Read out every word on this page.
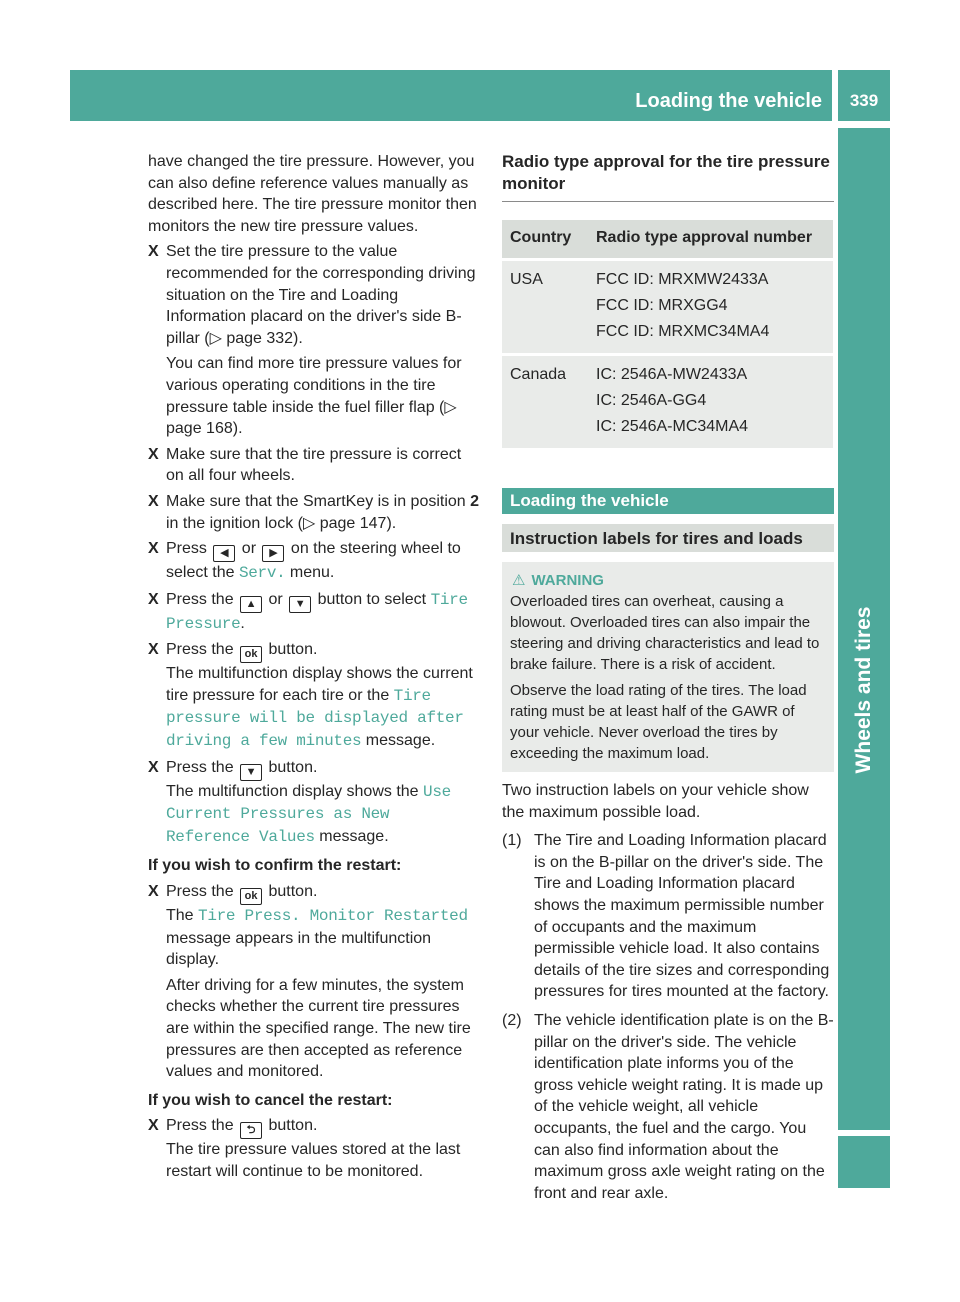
Loading the vehicle	339
Wheels and tires

have changed the tire pressure. However, you can also define reference values manually as described here. The tire pressure monitor then monitors the new tire pressure values.

X Set the tire pressure to the value recommended for the corresponding driving situation on the Tire and Loading Information placard on the driver's side B-pillar (▷ page 332).

You can find more tire pressure values for various operating conditions in the tire pressure table inside the fuel filler flap (▷ page 168).

X Make sure that the tire pressure is correct on all four wheels.

X Make sure that the SmartKey is in position 2 in the ignition lock (▷ page 147).

X Press ◀ or ▶ on the steering wheel to select the Serv. menu.

X Press the ▲ or ▼ button to select Tire Pressure.

X Press the ok button.
The multifunction display shows the current tire pressure for each tire or the Tire pressure will be displayed after driving a few minutes message.

X Press the ▼ button.
The multifunction display shows the Use Current Pressures as New Reference Values message.

If you wish to confirm the restart:

X Press the ok button.
The Tire Press. Monitor Restarted message appears in the multifunction display.

After driving for a few minutes, the system checks whether the current tire pressures are within the specified range. The new tire pressures are then accepted as reference values and monitored.

If you wish to cancel the restart:

X Press the ⮌ button.
The tire pressure values stored at the last restart will continue to be monitored.

Radio type approval for the tire pressure monitor
Country	Radio type approval number

USA	FCC ID: MRXMW2433A
FCC ID: MRXGG4
FCC ID: MRXMC34MA4

Canada	IC: 2546A-MW2433A
IC: 2546A-GG4
IC: 2546A-MC34MA4
Loading the vehicle
Instruction labels for tires and loads
⚠ WARNING

Overloaded tires can overheat, causing a blowout. Overloaded tires can also impair the steering and driving characteristics and lead to brake failure. There is a risk of accident.

Observe the load rating of the tires. The load rating must be at least half of the GAWR of your vehicle. Never overload the tires by exceeding the maximum load.

Two instruction labels on your vehicle show the maximum possible load.

(1) The Tire and Loading Information placard is on the B-pillar on the driver's side. The Tire and Loading Information placard shows the maximum permissible number of occupants and the maximum permissible vehicle load. It also contains details of the tire sizes and corresponding pressures for tires mounted at the factory.

(2) The vehicle identification plate is on the B-pillar on the driver's side. The vehicle identification plate informs you of the gross vehicle weight rating. It is made up of the vehicle weight, all vehicle occupants, the fuel and the cargo. You can also find information about the maximum gross axle weight rating on the front and rear axle.
